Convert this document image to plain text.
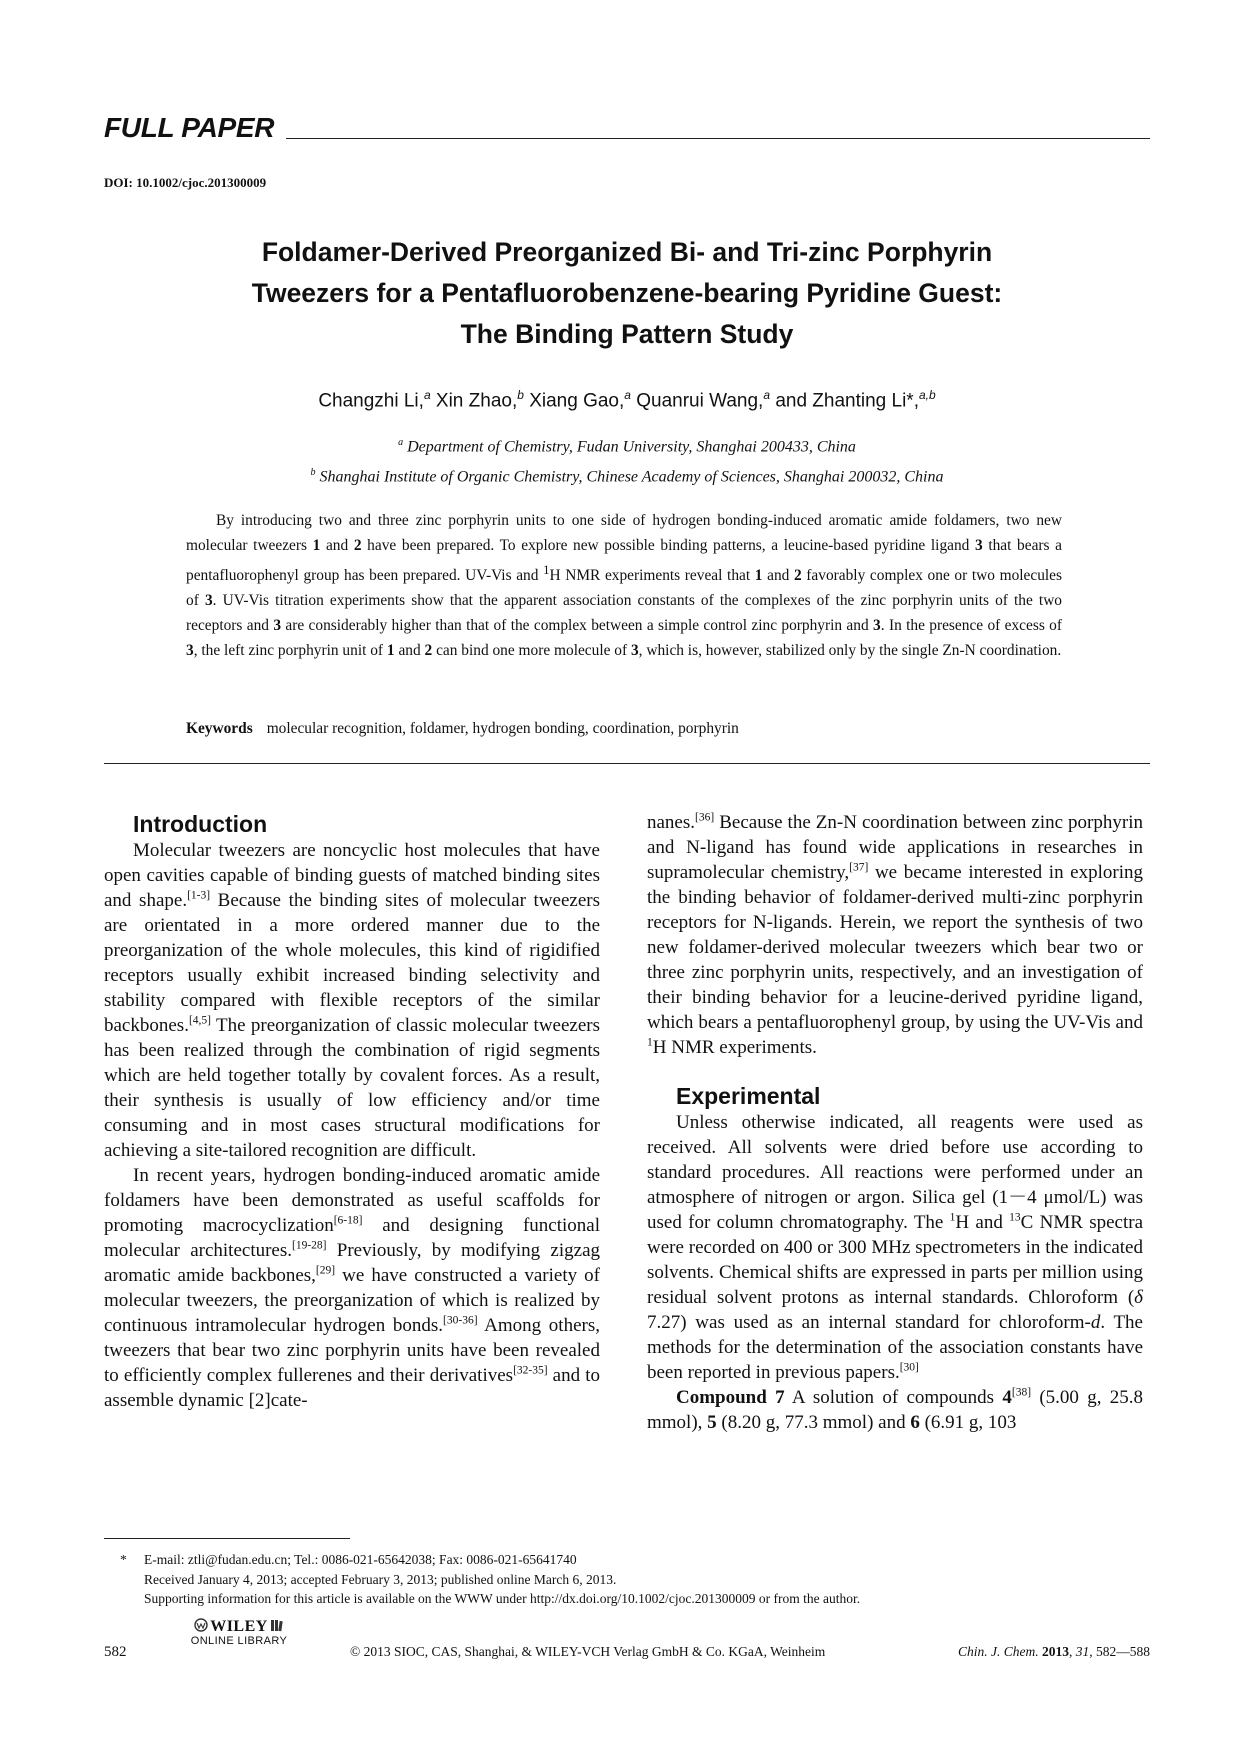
FULL PAPER
DOI: 10.1002/cjoc.201300009
Foldamer-Derived Preorganized Bi- and Tri-zinc Porphyrin
Tweezers for a Pentafluorobenzene-bearing Pyridine Guest:
The Binding Pattern Study
Changzhi Li,$^a$ Xin Zhao,$^b$ Xiang Gao,$^a$ Quanrui Wang,$^a$ and Zhanting Li*,$^{a,b}$
$^a$ Department of Chemistry, Fudan University, Shanghai 200433, China
$^b$ Shanghai Institute of Organic Chemistry, Chinese Academy of Sciences, Shanghai 200032, China
By introducing two and three zinc porphyrin units to one side of hydrogen bonding-induced aromatic amide foldamers, two new molecular tweezers 1 and 2 have been prepared. To explore new possible binding patterns, a leucine-based pyridine ligand 3 that bears a pentafluorophenyl group has been prepared. UV-Vis and $^1$H NMR experiments reveal that 1 and 2 favorably complex one or two molecules of 3. UV-Vis titration experiments show that the apparent association constants of the complexes of the zinc porphyrin units of the two receptors and 3 are considerably higher than that of the complex between a simple control zinc porphyrin and 3. In the presence of excess of 3, the left zinc porphyrin unit of 1 and 2 can bind one more molecule of 3, which is, however, stabilized only by the single Zn-N coordination.
Keywords molecular recognition, foldamer, hydrogen bonding, coordination, porphyrin

Introduction

Molecular tweezers are noncyclic host molecules that have open cavities capable of binding guests of matched binding sites and shape.[1-3] Because the binding sites of molecular tweezers are orientated in a more ordered manner due to the preorganization of the whole molecules, this kind of rigidified receptors usually exhibit increased binding selectivity and stability compared with flexible receptors of the similar backbones.[4,5] The preorganization of classic molecular tweezers has been realized through the combination of rigid segments which are held together totally by covalent forces. As a result, their synthesis is usually of low efficiency and/or time consuming and in most cases structural modifications for achieving a site-tailored recognition are difficult.

In recent years, hydrogen bonding-induced aromatic amide foldamers have been demonstrated as useful scaffolds for promoting macrocyclization[6-18] and designing functional molecular architectures.[19-28] Previously, by modifying zigzag aromatic amide backbones,[29] we have constructed a variety of molecular tweezers, the preorganization of which is realized by continuous intramolecular hydrogen bonds.[30-36] Among others, tweezers that bear two zinc porphyrin units have been revealed to efficiently complex fullerenes and their derivatives[32-35] and to assemble dynamic [2]cate-

nanes.[36] Because the Zn-N coordination between zinc porphyrin and N-ligand has found wide applications in researches in supramolecular chemistry,[37] we became interested in exploring the binding behavior of foldamer-derived multi-zinc porphyrin receptors for N-ligands. Herein, we report the synthesis of two new foldamer-derived molecular tweezers which bear two or three zinc porphyrin units, respectively, and an investigation of their binding behavior for a leucine-derived pyridine ligand, which bears a pentafluorophenyl group, by using the UV-Vis and $^1$H NMR experiments.

Experimental

Unless otherwise indicated, all reagents were used as received. All solvents were dried before use according to standard procedures. All reactions were performed under an atmosphere of nitrogen or argon. Silica gel (1－4 μmol/L) was used for column chromatography. The $^1$H and $^{13}$C NMR spectra were recorded on 400 or 300 MHz spectrometers in the indicated solvents. Chemical shifts are expressed in parts per million using residual solvent protons as internal standards. Chloroform (δ 7.27) was used as an internal standard for chloroform-d. The methods for the determination of the association constants have been reported in previous papers.[30]

Compound 7 A solution of compounds 4[38] (5.00 g, 25.8 mmol), 5 (8.20 g, 77.3 mmol) and 6 (6.91 g, 103

* E-mail: ztli@fudan.edu.cn; Tel.: 0086-021-65642038; Fax: 0086-021-65641740
Received January 4, 2013; accepted February 3, 2013; published online March 6, 2013.
Supporting information for this article is available on the WWW under http://dx.doi.org/10.1002/cjoc.201300009 or from the author.
582
WILEY
ONLINE LIBRARY
© 2013 SIOC, CAS, Shanghai, & WILEY-VCH Verlag GmbH & Co. KGaA, Weinheim	Chin. J. Chem. 2013, 31, 582—588
